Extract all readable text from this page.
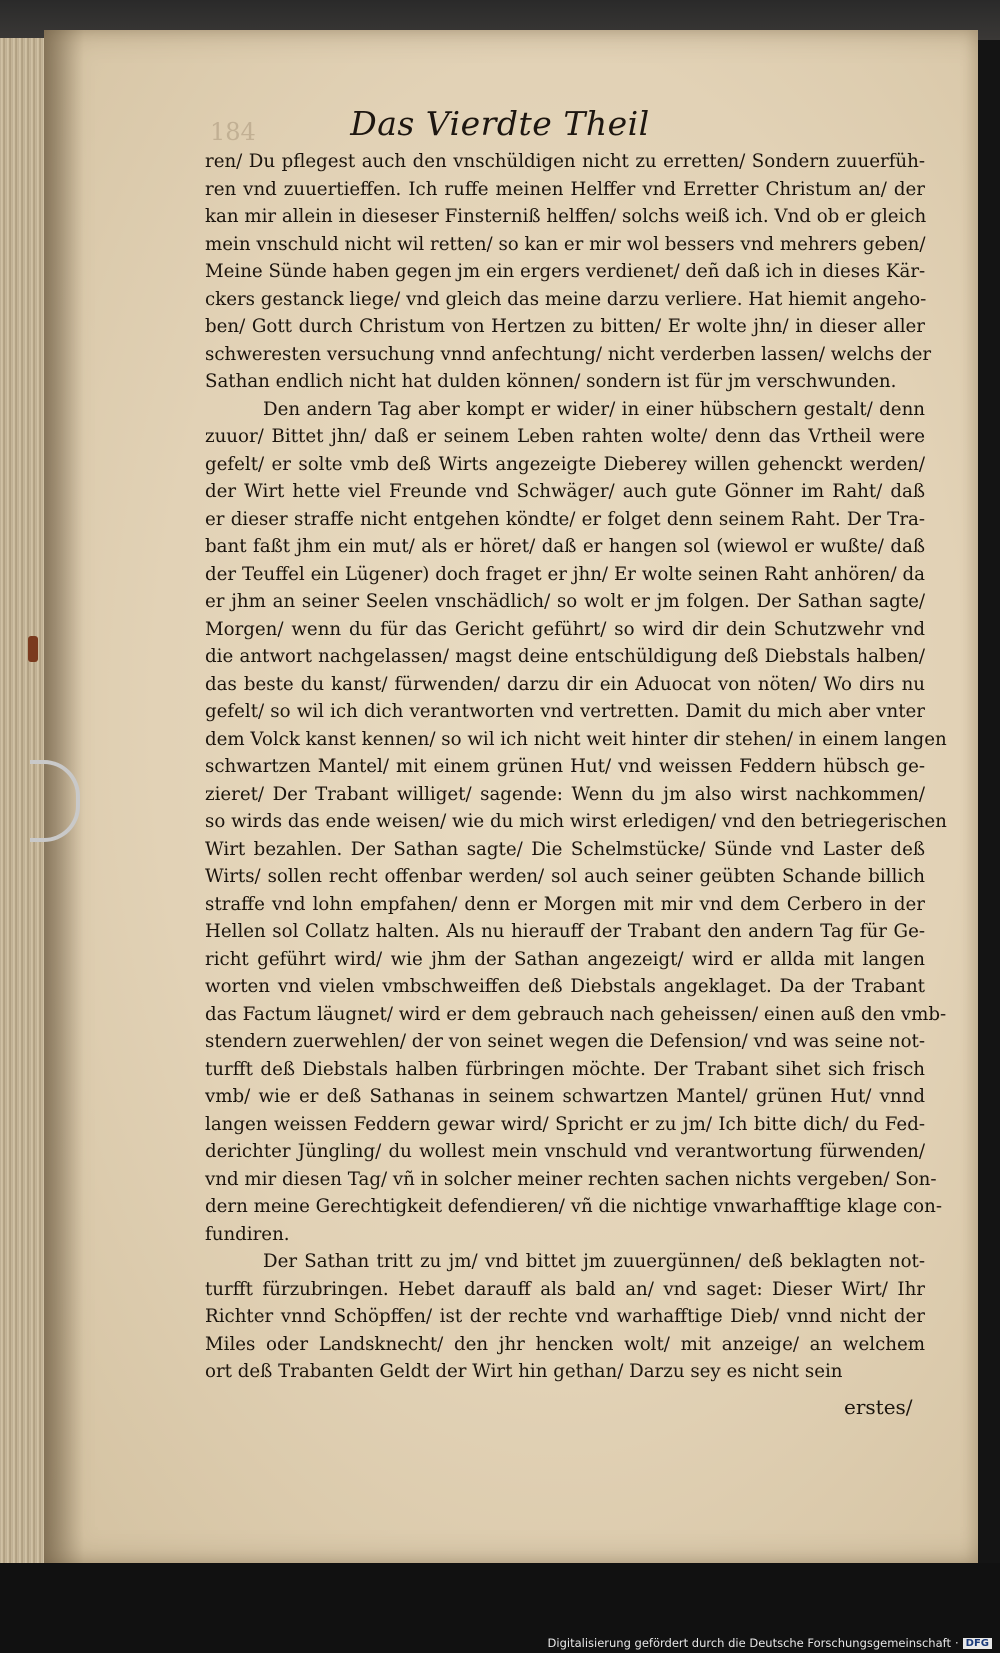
184	Das Vierdte Theil
ren/ Du pflegest auch den vnschüldigen nicht zu erretten/ Sondern zuuerfüh-
ren vnd zuuertieffen. Ich ruffe meinen Helffer vnd Erretter Christum an/ der
kan mir allein in dieseser Finsterniß helffen/ solchs weiß ich. Vnd ob er gleich
mein vnschuld nicht wil retten/ so kan er mir wol bessers vnd mehrers geben/
Meine Sünde haben gegen jm ein ergers verdienet/ deñ daß ich in dieses Kär-
ckers gestanck liege/ vnd gleich das meine darzu verliere. Hat hiemit angeho-
ben/ Gott durch Christum von Hertzen zu bitten/ Er wolte jhn/ in dieser aller
schweresten versuchung vnnd anfechtung/ nicht verderben lassen/ welchs der
Sathan endlich nicht hat dulden können/ sondern ist für jm verschwunden.
Den andern Tag aber kompt er wider/ in einer hübschern gestalt/ denn
zuuor/ Bittet jhn/ daß er seinem Leben rahten wolte/ denn das Vrtheil were
gefelt/ er solte vmb deß Wirts angezeigte Dieberey willen gehenckt werden/
der Wirt hette viel Freunde vnd Schwäger/ auch gute Gönner im Raht/ daß
er dieser straffe nicht entgehen köndte/ er folget denn seinem Raht. Der Tra-
bant faßt jhm ein mut/ als er höret/ daß er hangen sol (wiewol er wußte/ daß
der Teuffel ein Lügener) doch fraget er jhn/ Er wolte seinen Raht anhören/ da
er jhm an seiner Seelen vnschädlich/ so wolt er jm folgen. Der Sathan sagte/
Morgen/ wenn du für das Gericht geführt/ so wird dir dein Schutzwehr vnd
die antwort nachgelassen/ magst deine entschüldigung deß Diebstals halben/
das beste du kanst/ fürwenden/ darzu dir ein Aduocat von nöten/ Wo dirs nu
gefelt/ so wil ich dich verantworten vnd vertretten. Damit du mich aber vnter
dem Volck kanst kennen/ so wil ich nicht weit hinter dir stehen/ in einem langen
schwartzen Mantel/ mit einem grünen Hut/ vnd weissen Feddern hübsch ge-
zieret/ Der Trabant williget/ sagende: Wenn du jm also wirst nachkommen/
so wirds das ende weisen/ wie du mich wirst erledigen/ vnd den betriegerischen
Wirt bezahlen. Der Sathan sagte/ Die Schelmstücke/ Sünde vnd Laster deß
Wirts/ sollen recht offenbar werden/ sol auch seiner geübten Schande billich
straffe vnd lohn empfahen/ denn er Morgen mit mir vnd dem Cerbero in der
Hellen sol Collatz halten. Als nu hierauff der Trabant den andern Tag für Ge-
richt geführt wird/ wie jhm der Sathan angezeigt/ wird er allda mit langen
worten vnd vielen vmbschweiffen deß Diebstals angeklaget. Da der Trabant
das Factum läugnet/ wird er dem gebrauch nach geheissen/ einen auß den vmb-
stendern zuerwehlen/ der von seinet wegen die Defension/ vnd was seine not-
turfft deß Diebstals halben fürbringen möchte. Der Trabant sihet sich frisch
vmb/ wie er deß Sathanas in seinem schwartzen Mantel/ grünen Hut/ vnnd
langen weissen Feddern gewar wird/ Spricht er zu jm/ Ich bitte dich/ du Fed-
derichter Jüngling/ du wollest mein vnschuld vnd verantwortung fürwenden/
vnd mir diesen Tag/ vñ in solcher meiner rechten sachen nichts vergeben/ Son-
dern meine Gerechtigkeit defendieren/ vñ die nichtige vnwarhafftige klage con-
fundiren.
Der Sathan tritt zu jm/ vnd bittet jm zuuergünnen/ deß beklagten not-
turfft fürzubringen. Hebet darauff als bald an/ vnd saget: Dieser Wirt/ Ihr
Richter vnnd Schöpffen/ ist der rechte vnd warhafftige Dieb/ vnnd nicht der
Miles oder Landsknecht/ den jhr hencken wolt/ mit anzeige/ an welchem
ort deß Trabanten Geldt der Wirt hin gethan/ Darzu sey es nicht sein
erstes/
Digitalisierung gefördert durch die Deutsche Forschungsgemeinschaft · DFG
